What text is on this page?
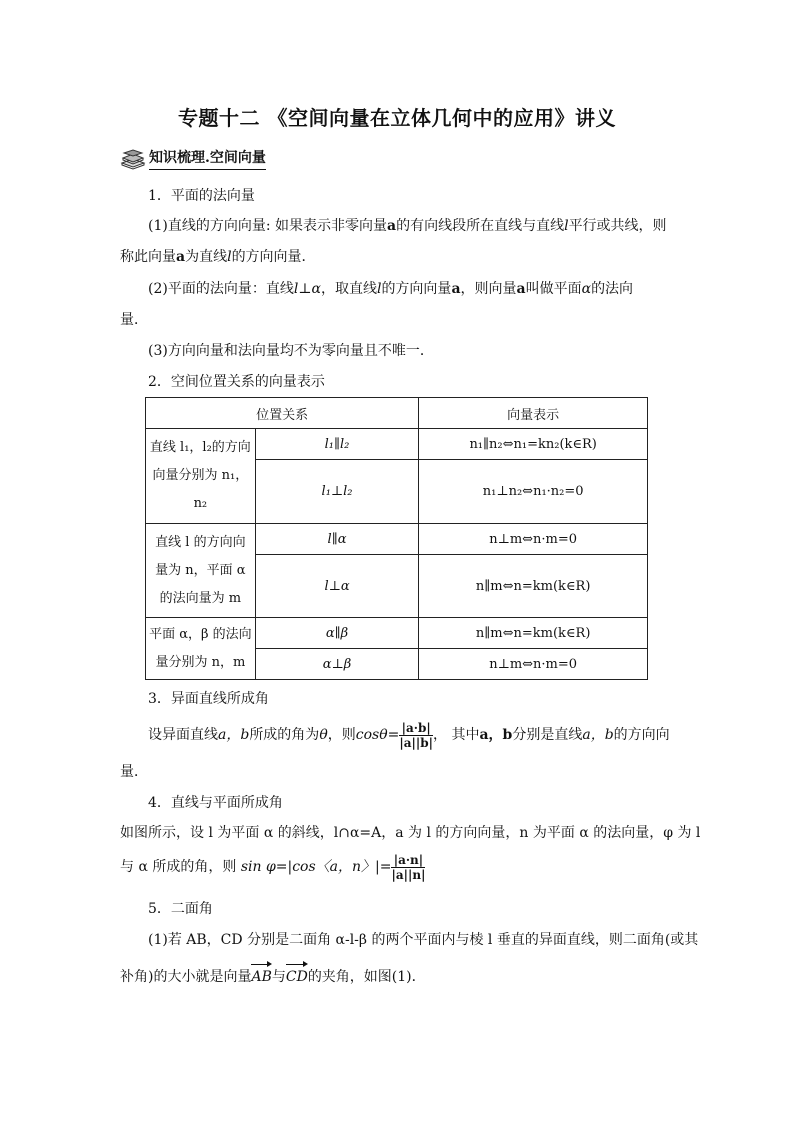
专题十二 《空间向量在立体几何中的应用》讲义
知识梳理.空间向量
1．平面的法向量
(1)直线的方向向量: 如果表示非零向量a的有向线段所在直线与直线l平行或共线，则
称此向量a为直线l的方向向量．
(2)平面的法向量：直线l⊥α，取直线l的方向向量a，则向量a叫做平面α的法向
量．
(3)方向向量和法向量均不为零向量且不唯一．
2．空间位置关系的向量表示
位置关系		向量表示

直线 l₁，l₂的方向
向量分别为 n₁，
n₂	l₁∥l₂	n₁∥n₂⇔n₁=kn₂(k∈R)
	l₁⊥l₂	n₁⊥n₂⇔n₁·n₂=0

直线 l 的方向向
量为 n，平面 α
的法向量为 m	l∥α	n⊥m⇔n·m=0
	l⊥α	n∥m⇔n=km(k∈R)

平面 α，β 的法向
量分别为 n，m	α∥β	n∥m⇔n=km(k∈R)
	α⊥β	n⊥m⇔n·m=0
3．异面直线所成角
设异面直线a，b所成的角为θ，则$\cos\theta= \frac{|a\cdot b|}{|a||b|}$ ， 其中a，b分别是直线a，b的方向向
量．
4．直线与平面所成角
如图所示，设 l 为平面 α 的斜线，l∩α=A，a 为 l 的方向向量，n 为平面 α 的法向量，φ 为 l
与 α 所成的角，则 sin φ=|cos〈a，n〉|= $\frac{|a\cdot n|}{|a||n|}$
5．二面角
(1)若 AB，CD 分别是二面角 α-l-β 的两个平面内与棱 l 垂直的异面直线，则二面角(或其
补角)的大小就是向量AB与CD的夹角，如图(1)．
